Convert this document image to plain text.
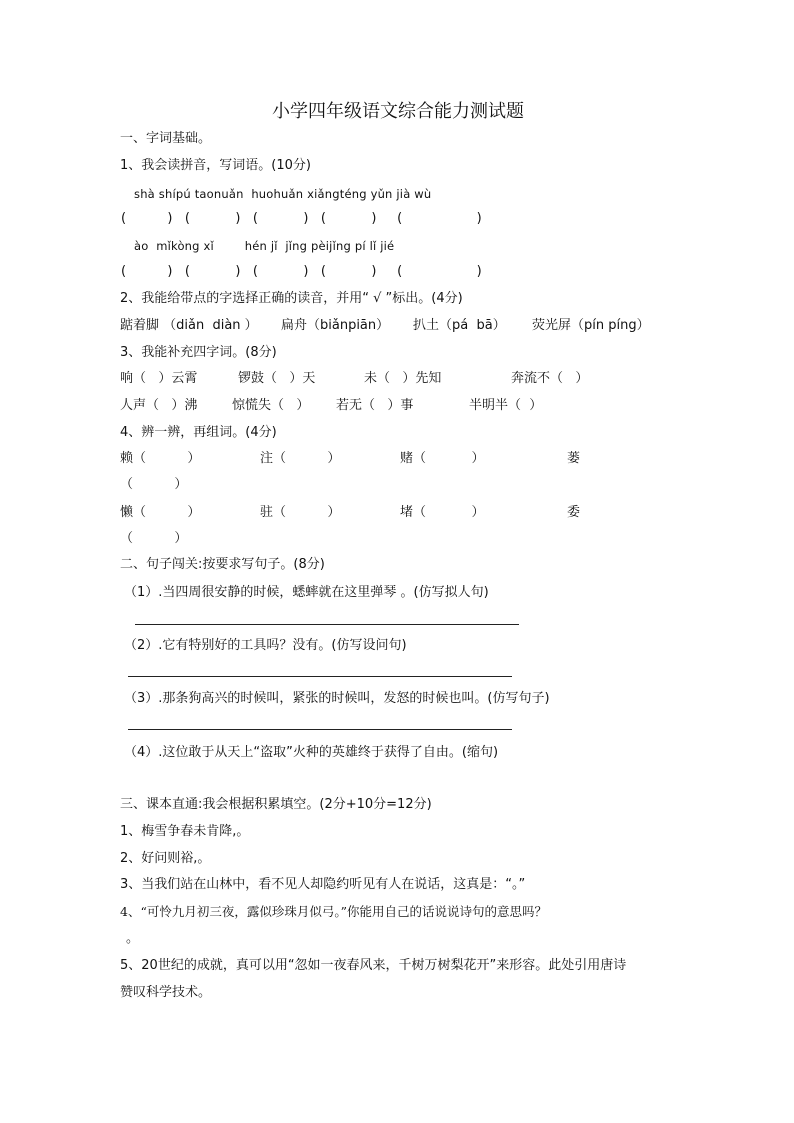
小学四年级语文综合能力测试题
一、字词基础。
1、我会读拼音，写词语。(10分)
shà shípú taonuǎn  huohuǎn xiǎngténg yǔn jià wù
(          )   (           )   (           )   (           )     (                  )
ào  mǐkòng xǐ        hén jǐ  jǐng pèijǐng pí lǐ jié
(          )   (           )   (           )   (           )     (                  )
2、我能给带点的字选择正确的读音，并用“ √ ”标出。(4分)
踮着脚 （diǎn  diàn ） 扁舟（biǎnpiān） 扒土（pá  bā） 荧光屏（pín píng）
3、我能补充四字词。(8分)
响（   ）云霄	锣鼓（   ）天	未（   ）先知	奔流不（   ）
人声（   ）沸	惊慌失（   ） 若无（   ）事	半明半（  ）
4、辨一辨，再组词。(4分)
赖（          ）	注（          ）	赌（           ）	蒌
（          ）
懒（          ）	驻（          ）	堵（           ）	委
（          ）
二、句子闯关:按要求写句子。(8分)
（1）.当四周很安静的时候，蟋蟀就在这里弹琴 。(仿写拟人句)
（2）.它有特别好的工具吗？没有。(仿写设问句)
（3）.那条狗高兴的时候叫，紧张的时候叫，发怒的时候也叫。(仿写句子)
（4）.这位敢于从天上“盗取”火种的英雄终于获得了自由。(缩句)
三、课本直通:我会根据积累填空。(2分+10分=12分)
1、梅雪争春未肯降,。
2、好问则裕,。
3、当我们站在山林中，看不见人却隐约听见有人在说话，这真是：“。”
4、“可怜九月初三夜，露似珍珠月似弓。”你能用自己的话说说诗句的意思吗？
。
5、20世纪的成就，真可以用“忽如一夜春风来，千树万树梨花开”来形容。此处引用唐诗
赞叹科学技术。
